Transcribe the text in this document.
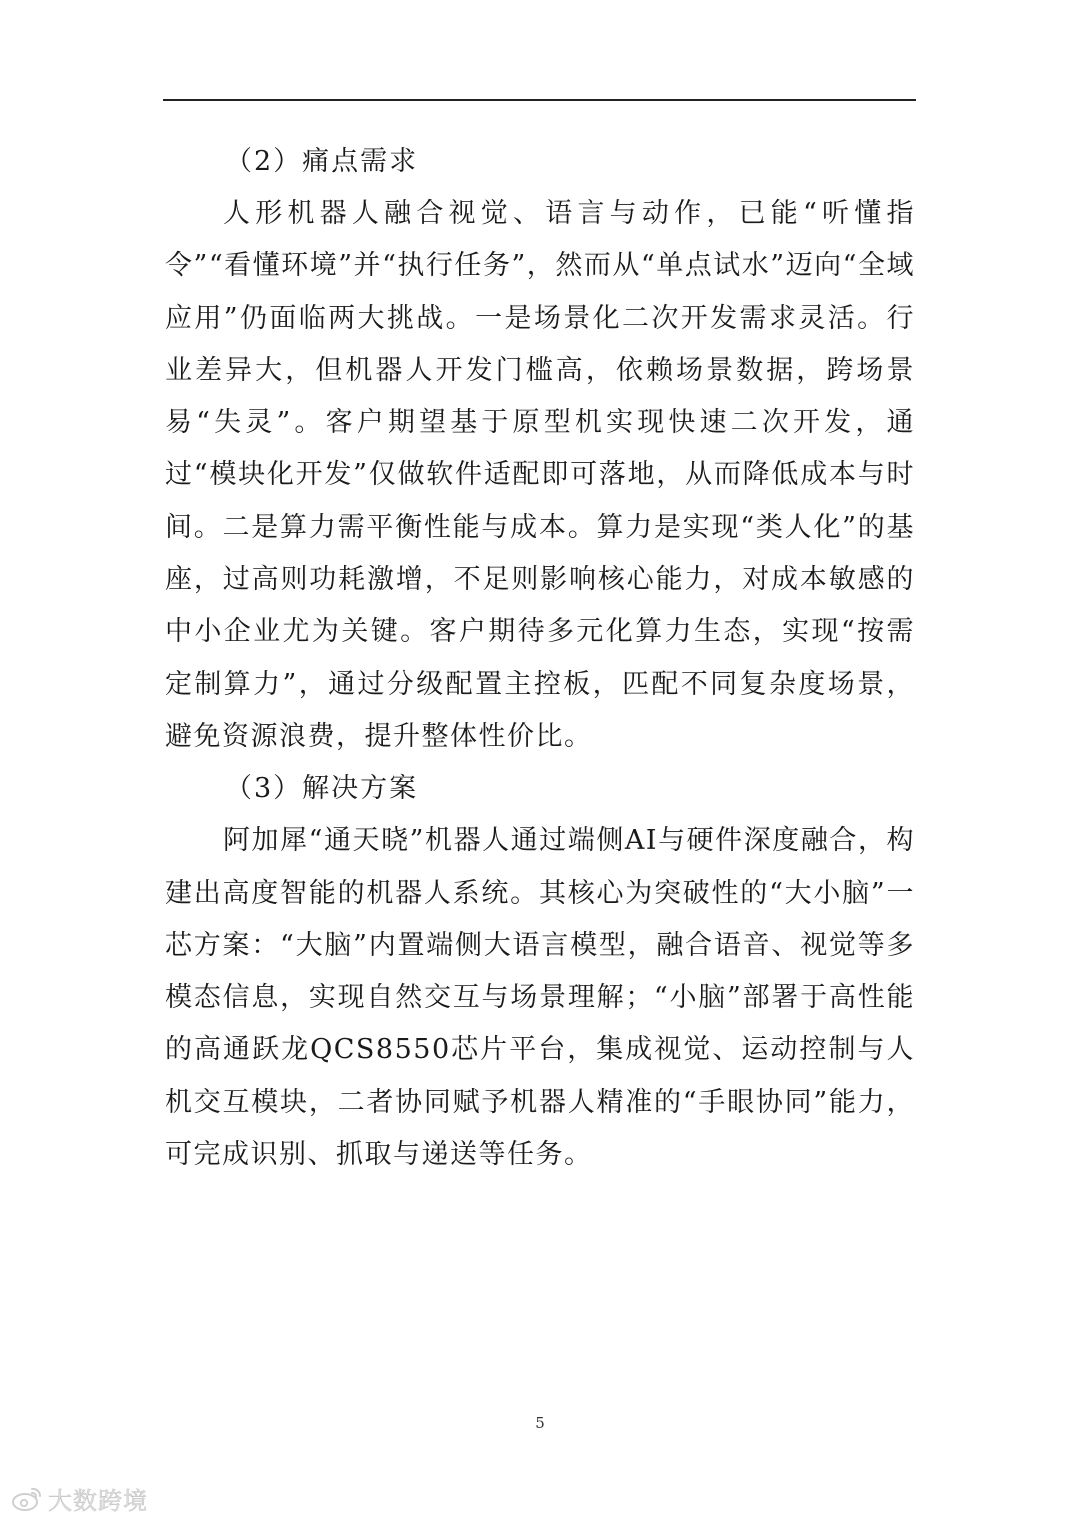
（2）痛点需求

人形机器人融合视觉、语言与动作，已能“听懂指令”“看懂环境”并“执行任务”，然而从“单点试水”迈向“全域应用”仍面临两大挑战。一是场景化二次开发需求灵活。行业差异大，但机器人开发门槛高，依赖场景数据，跨场景易“失灵”。客户期望基于原型机实现快速二次开发，通过“模块化开发”仅做软件适配即可落地，从而降低成本与时间。二是算力需平衡性能与成本。算力是实现“类人化”的基座，过高则功耗激增，不足则影响核心能力，对成本敏感的中小企业尤为关键。客户期待多元化算力生态，实现“按需定制算力”，通过分级配置主控板，匹配不同复杂度场景，避免资源浪费，提升整体性价比。

（3）解决方案

阿加犀“通天晓”机器人通过端侧AI与硬件深度融合，构建出高度智能的机器人系统。其核心为突破性的“大小脑”一芯方案：“大脑”内置端侧大语言模型，融合语音、视觉等多模态信息，实现自然交互与场景理解；“小脑”部署于高性能的高通跃龙QCS8550芯片平台，集成视觉、运动控制与人机交互模块，二者协同赋予机器人精准的“手眼协同”能力，可完成识别、抓取与递送等任务。

5
大数跨境
